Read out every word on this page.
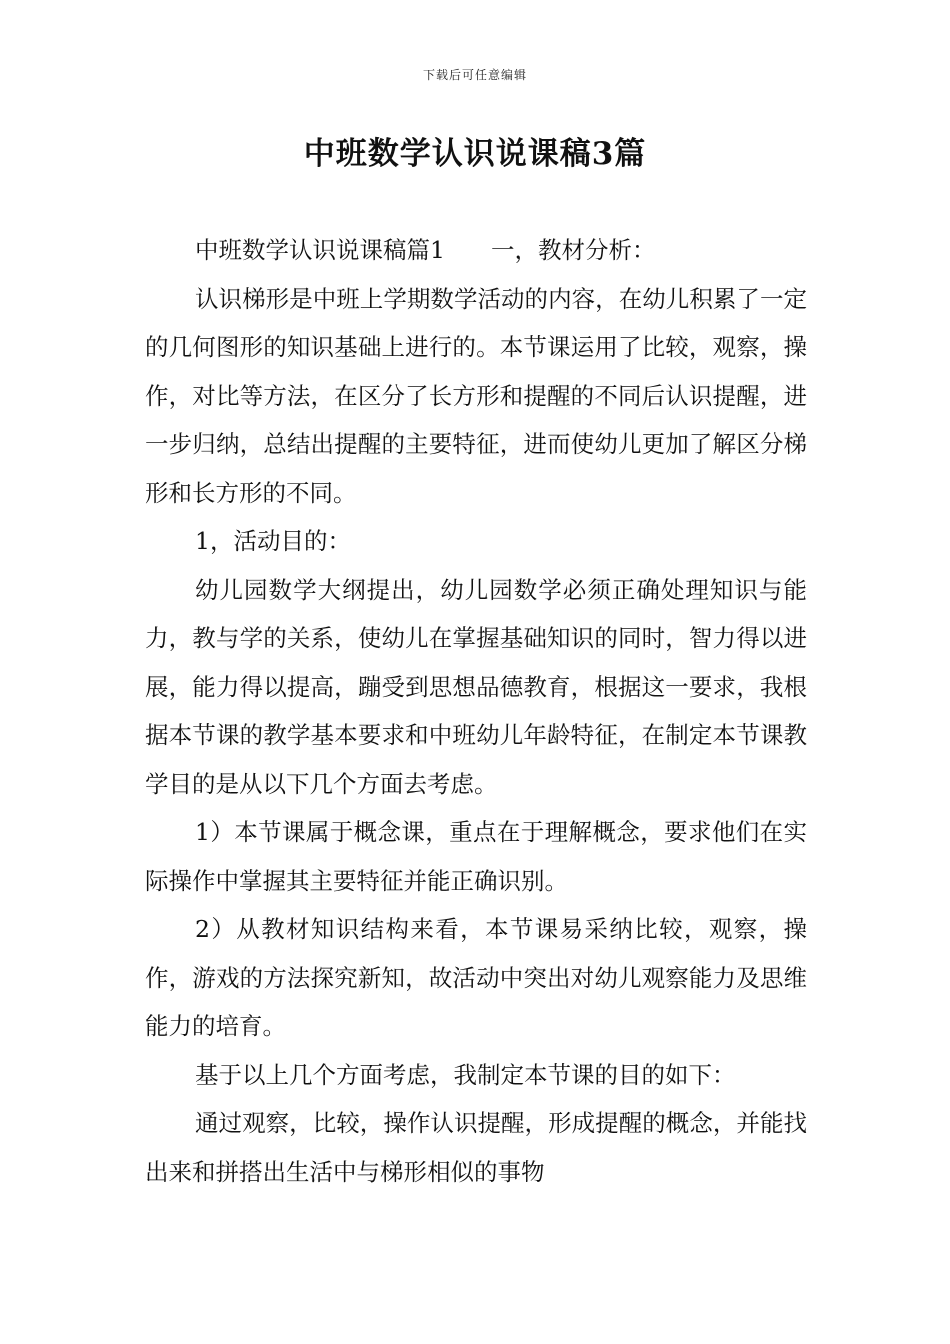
下载后可任意编辑
中班数学认识说课稿3篇

中班数学认识说课稿篇1 一，教材分析：

认识梯形是中班上学期数学活动的内容，在幼儿积累了一定的几何图形的知识基础上进行的。本节课运用了比较，观察，操作，对比等方法，在区分了长方形和提醒的不同后认识提醒，进一步归纳，总结出提醒的主要特征，进而使幼儿更加了解区分梯形和长方形的不同。

1，活动目的：

幼儿园数学大纲提出，幼儿园数学必须正确处理知识与能力，教与学的关系，使幼儿在掌握基础知识的同时，智力得以进展，能力得以提高，蹦受到思想品德教育，根据这一要求，我根据本节课的教学基本要求和中班幼儿年龄特征，在制定本节课教学目的是从以下几个方面去考虑。

1）本节课属于概念课，重点在于理解概念，要求他们在实际操作中掌握其主要特征并能正确识别。

2）从教材知识结构来看，本节课易采纳比较，观察，操作，游戏的方法探究新知，故活动中突出对幼儿观察能力及思维能力的培育。

基于以上几个方面考虑，我制定本节课的目的如下：

通过观察，比较，操作认识提醒，形成提醒的概念，并能找出来和拼搭出生活中与梯形相似的事物
